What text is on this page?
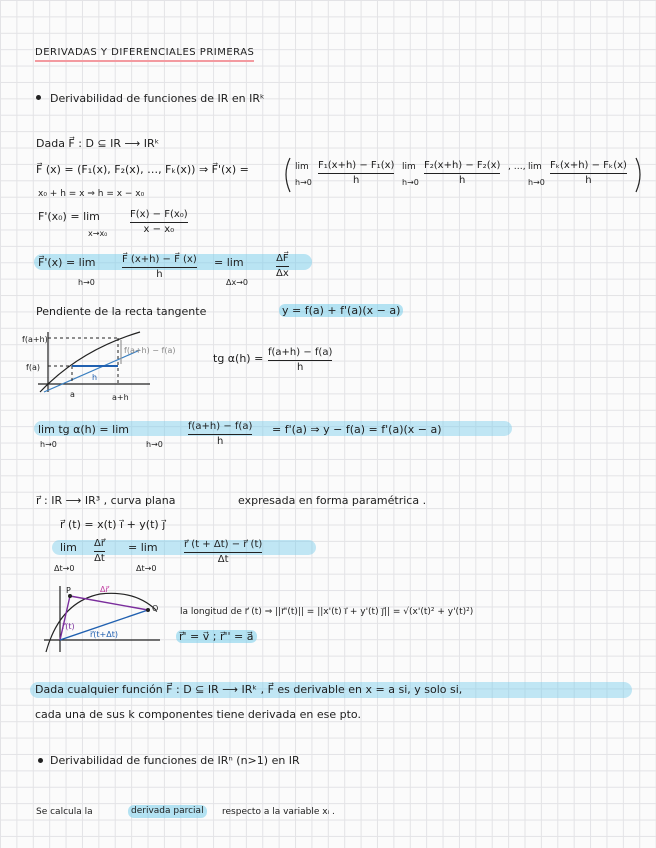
DERIVADAS Y DIFERENCIALES PRIMERAS
Derivabilidad de funciones de IR en IRᵏ
Dada F⃗ : D ⊆ IR ⟶ IRᵏ
F⃗ (x) = (F₁(x), F₂(x), …, Fₖ(x)) ⇒ F⃗'(x) =	lim
h→0
F₁(x+h) − F₁(x)
h
lim
h→0
F₂(x+h) − F₂(x)
h
, …, lim
h→0
Fₖ(x+h) − Fₖ(x)
h
x₀ + h = x ⇒ h = x − x₀
F'(x₀) = lim
x→x₀
F(x) − F(x₀)
x − x₀
F⃗'(x) = lim
h→0
F⃗ (x+h) − F⃗ (x)
h
= lim
Δx→0
ΔF⃗
Δx
Pendiente de la recta tangente	y = f(a) + f'(a)(x − a)
f(a+h)
f(a)
a	a+h
h
f(a+h) − f(a)
tg α(h) = f(a+h) − f(a)
h
lim tg α(h) = lim
h→0	h→0
f(a+h) − f(a)
h
= f'(a) ⇒ y − f(a) = f'(a)(x − a)
r⃗ : IR ⟶ IR³ , curva plana	expresada en forma paramétrica .
r⃗ (t) = x(t) i⃗ + y(t) j⃗
lim
Δt→0
Δr⃗
Δt
= lim
Δt→0
r⃗ (t + Δt) − r⃗ (t)
Δt
P
Q
r⃗(t)
r⃗(t+Δt)
Δr⃗
la longitud de r⃗ (t) ⇒ ||r⃗'(t)|| = ||x'(t) i⃗ + y'(t) j⃗|| = √(x'(t)² + y'(t)²)
r⃗' = v⃗ ; r⃗'' = a⃗
Dada cualquier función F⃗ : D ⊆ IR ⟶ IRᵏ , F⃗ es derivable en x = a si, y solo si,
cada una de sus k componentes tiene derivada en ese pto.
Derivabilidad de funciones de IRⁿ (n>1) en IR
Se calcula la	derivada parcial	respecto a la variable xᵢ .
